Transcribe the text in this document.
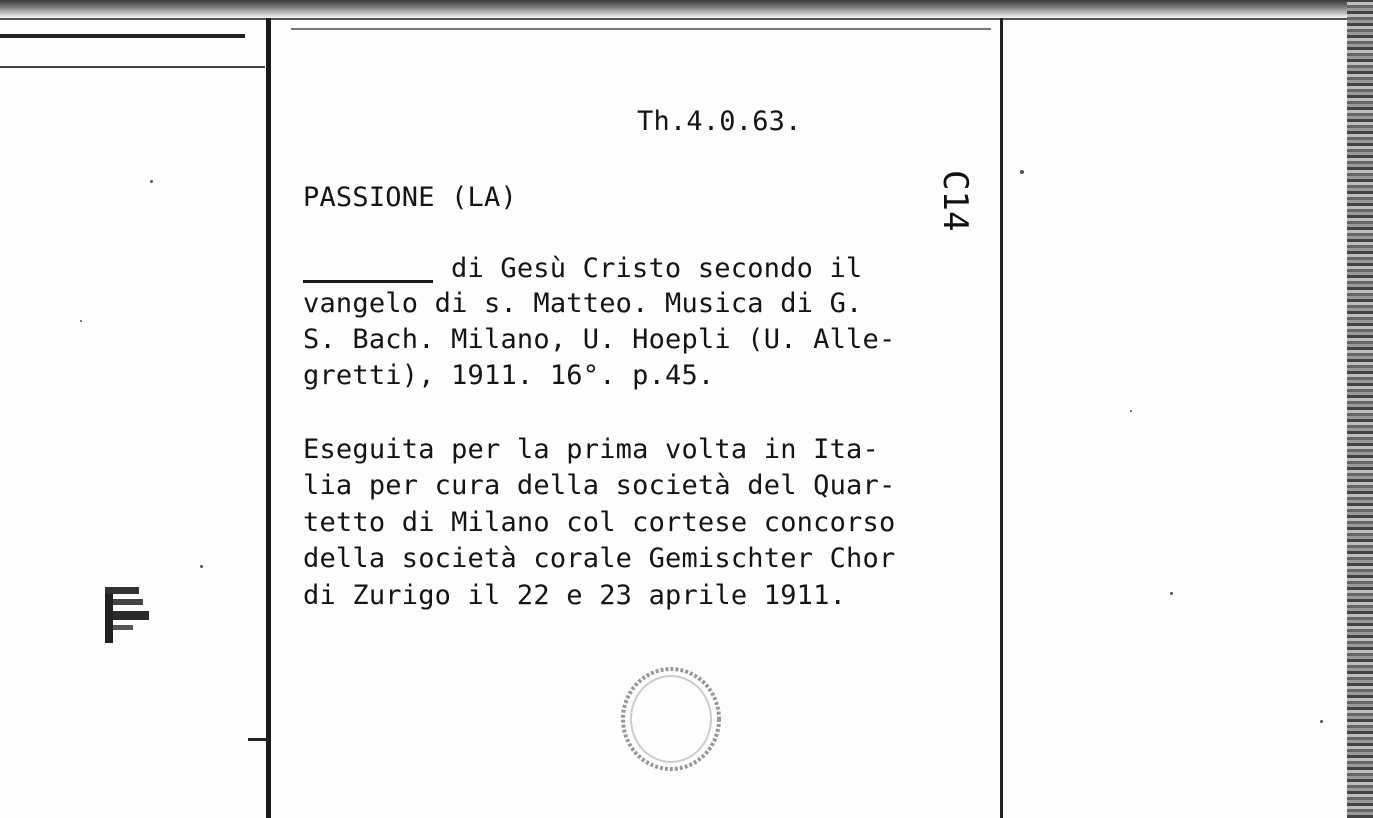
Th.4.0.63.
PASSIONE (LA)	C14
di Gesù Cristo secondo il
vangelo di s. Matteo. Musica di G.
S. Bach. Milano, U. Hoepli (U. Alle-
gretti), 1911. 16°. p.45.
Eseguita per la prima volta in Ita-
lia per cura della società del Quar-
tetto di Milano col cortese concorso
della società corale Gemischter Chor
di Zurigo il 22 e 23 aprile 1911.
